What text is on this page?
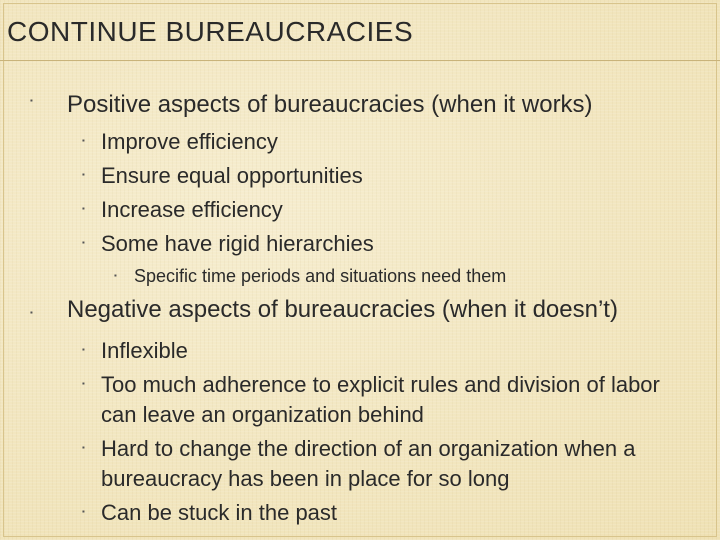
CONTINUE BUREAUCRACIES
▪ Positive aspects of bureaucracies (when it works)
▪ Improve efficiency
▪ Ensure equal opportunities
▪ Increase efficiency
▪ Some have rigid hierarchies
▪ Specific time periods and situations need them
▪ Negative aspects of bureaucracies (when it doesn’t)
▪ Inflexible
▪ Too much adherence to explicit rules and division of labor
can leave an organization behind
▪ Hard to change the direction of an organization when a
bureaucracy has been in place for so long
▪ Can be stuck in the past
